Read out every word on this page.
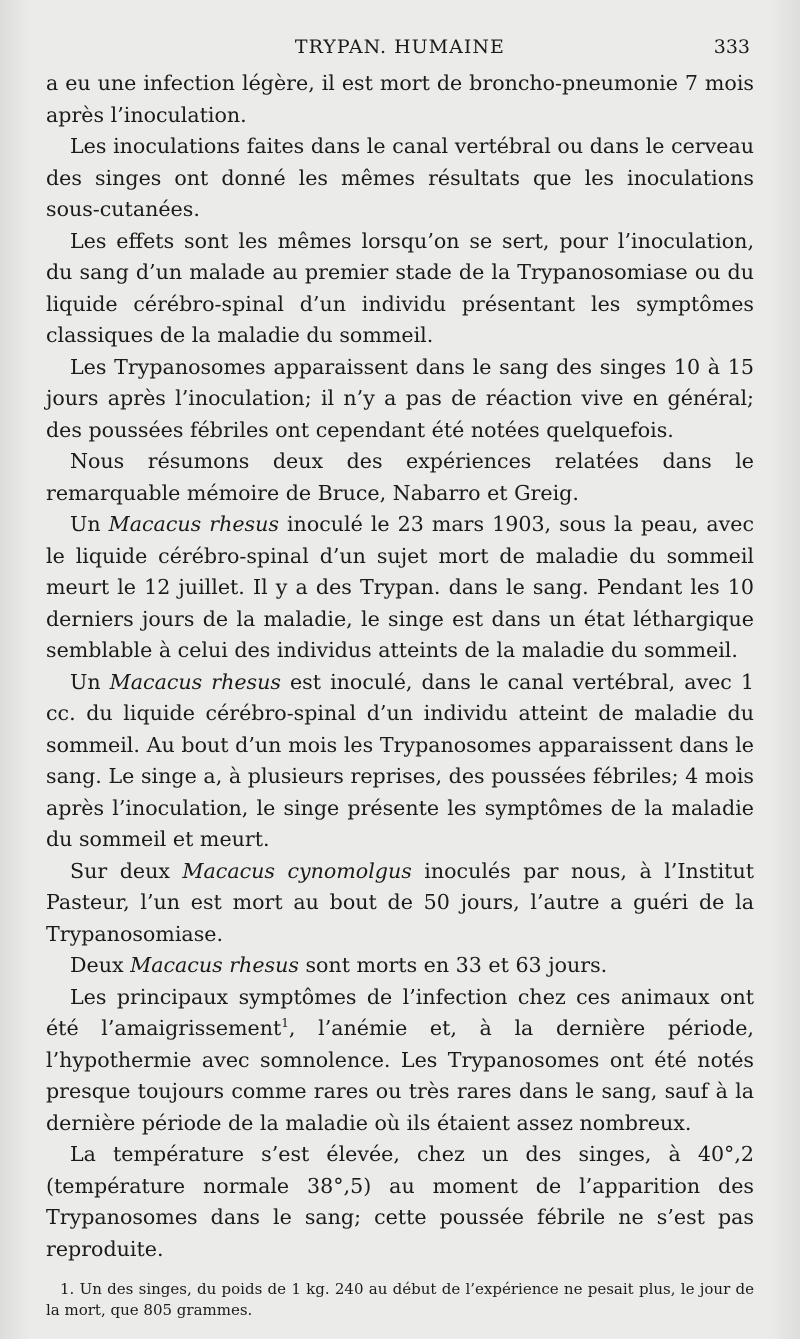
TRYPAN. HUMAINE	333

a eu une infection légère, il est mort de broncho-pneumonie 7 mois après l’inoculation.

Les inoculations faites dans le canal vertébral ou dans le cerveau des singes ont donné les mêmes résultats que les inoculations sous-cutanées.

Les effets sont les mêmes lorsqu’on se sert, pour l’inoculation, du sang d’un malade au premier stade de la Trypanosomiase ou du liquide cérébro-spinal d’un individu présentant les symptômes classiques de la maladie du sommeil.

Les Trypanosomes apparaissent dans le sang des singes 10 à 15 jours après l’inoculation; il n’y a pas de réaction vive en général; des poussées fébriles ont cependant été notées quelquefois.

Nous résumons deux des expériences relatées dans le remarquable mémoire de Bruce, Nabarro et Greig.

Un Macacus rhesus inoculé le 23 mars 1903, sous la peau, avec le liquide cérébro-spinal d’un sujet mort de maladie du sommeil meurt le 12 juillet. Il y a des Trypan. dans le sang. Pendant les 10 derniers jours de la maladie, le singe est dans un état léthargique semblable à celui des individus atteints de la maladie du sommeil.

Un Macacus rhesus est inoculé, dans le canal vertébral, avec 1 cc. du liquide cérébro-spinal d’un individu atteint de maladie du sommeil. Au bout d’un mois les Trypanosomes apparaissent dans le sang. Le singe a, à plusieurs reprises, des poussées fébriles; 4 mois après l’inoculation, le singe présente les symptômes de la maladie du sommeil et meurt.

Sur deux Macacus cynomolgus inoculés par nous, à l’Institut Pasteur, l’un est mort au bout de 50 jours, l’autre a guéri de la Trypanosomiase.

Deux Macacus rhesus sont morts en 33 et 63 jours.

Les principaux symptômes de l’infection chez ces animaux ont été l’amaigrissement$^1$, l’anémie et, à la dernière période, l’hypothermie avec somnolence. Les Trypanosomes ont été notés presque toujours comme rares ou très rares dans le sang, sauf à la dernière période de la maladie où ils étaient assez nombreux.

La température s’est élevée, chez un des singes, à 40°,2 (température normale 38°,5) au moment de l’apparition des Trypanosomes dans le sang; cette poussée fébrile ne s’est pas reproduite.

1. Un des singes, du poids de 1 kg. 240 au début de l’expérience ne pesait plus, le jour de la mort, que 805 grammes.
